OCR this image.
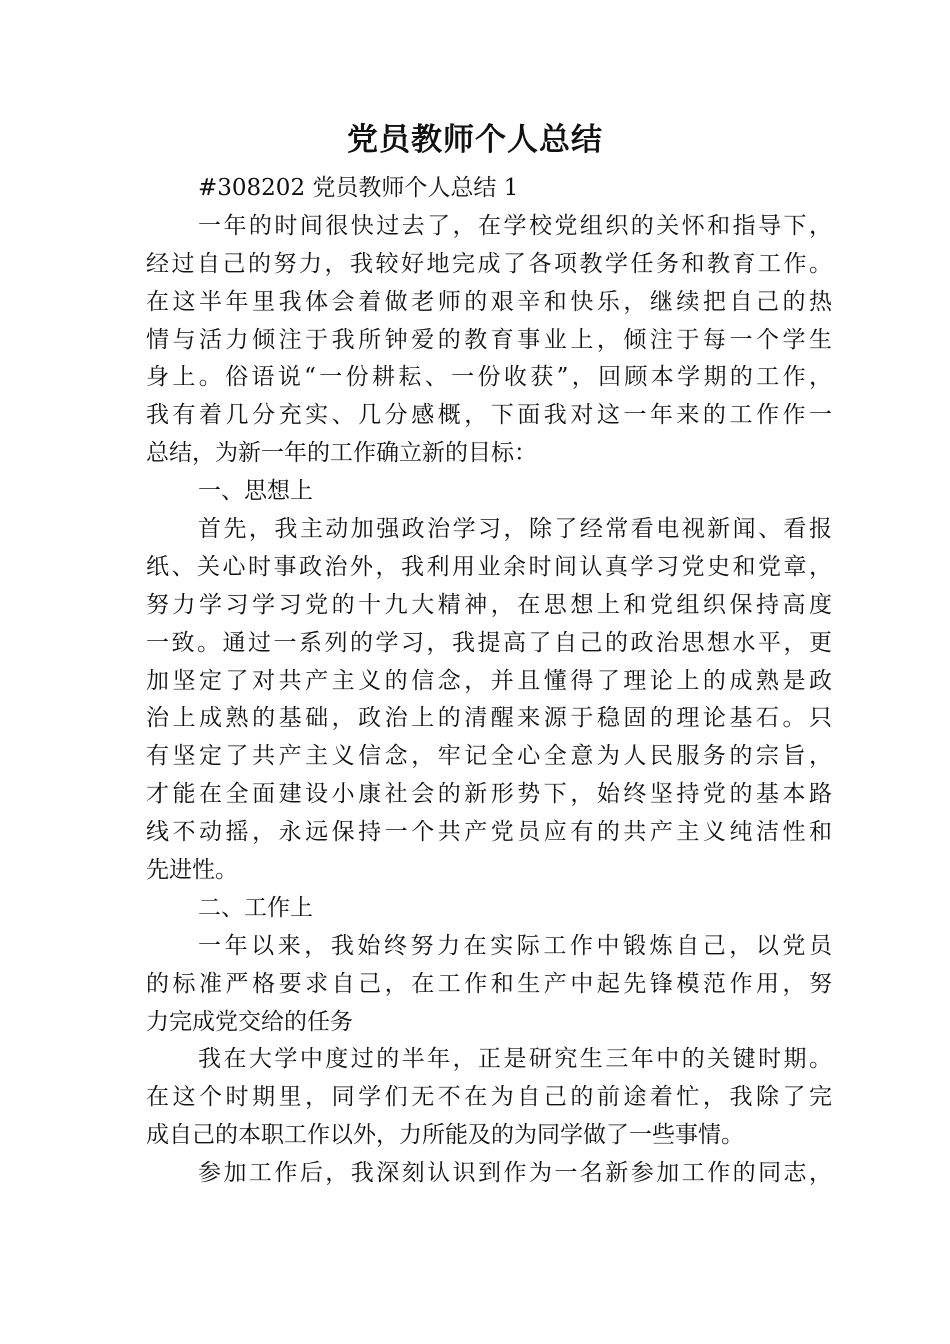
党员教师个人总结
#308202 党员教师个人总结 1
一年的时间很快过去了，在学校党组织的关怀和指导下，
经过自己的努力，我较好地完成了各项教学任务和教育工作。
在这半年里我体会着做老师的艰辛和快乐，继续把自己的热
情与活力倾注于我所钟爱的教育事业上，倾注于每一个学生
身上。俗语说“一份耕耘、一份收获”，回顾本学期的工作，
我有着几分充实、几分感概，下面我对这一年来的工作作一
总结，为新一年的工作确立新的目标：
一、思想上
首先，我主动加强政治学习，除了经常看电视新闻、看报
纸、关心时事政治外，我利用业余时间认真学习党史和党章，
努力学习学习党的十九大精神，在思想上和党组织保持高度
一致。通过一系列的学习，我提高了自己的政治思想水平，更
加坚定了对共产主义的信念，并且懂得了理论上的成熟是政
治上成熟的基础，政治上的清醒来源于稳固的理论基石。只
有坚定了共产主义信念，牢记全心全意为人民服务的宗旨，
才能在全面建设小康社会的新形势下，始终坚持党的基本路
线不动摇，永远保持一个共产党员应有的共产主义纯洁性和
先进性。
二、工作上
一年以来，我始终努力在实际工作中锻炼自己，以党员
的标准严格要求自己，在工作和生产中起先锋模范作用，努
力完成党交给的任务
我在大学中度过的半年，正是研究生三年中的关键时期。
在这个时期里，同学们无不在为自己的前途着忙，我除了完
成自己的本职工作以外，力所能及的为同学做了一些事情。
参加工作后，我深刻认识到作为一名新参加工作的同志，
